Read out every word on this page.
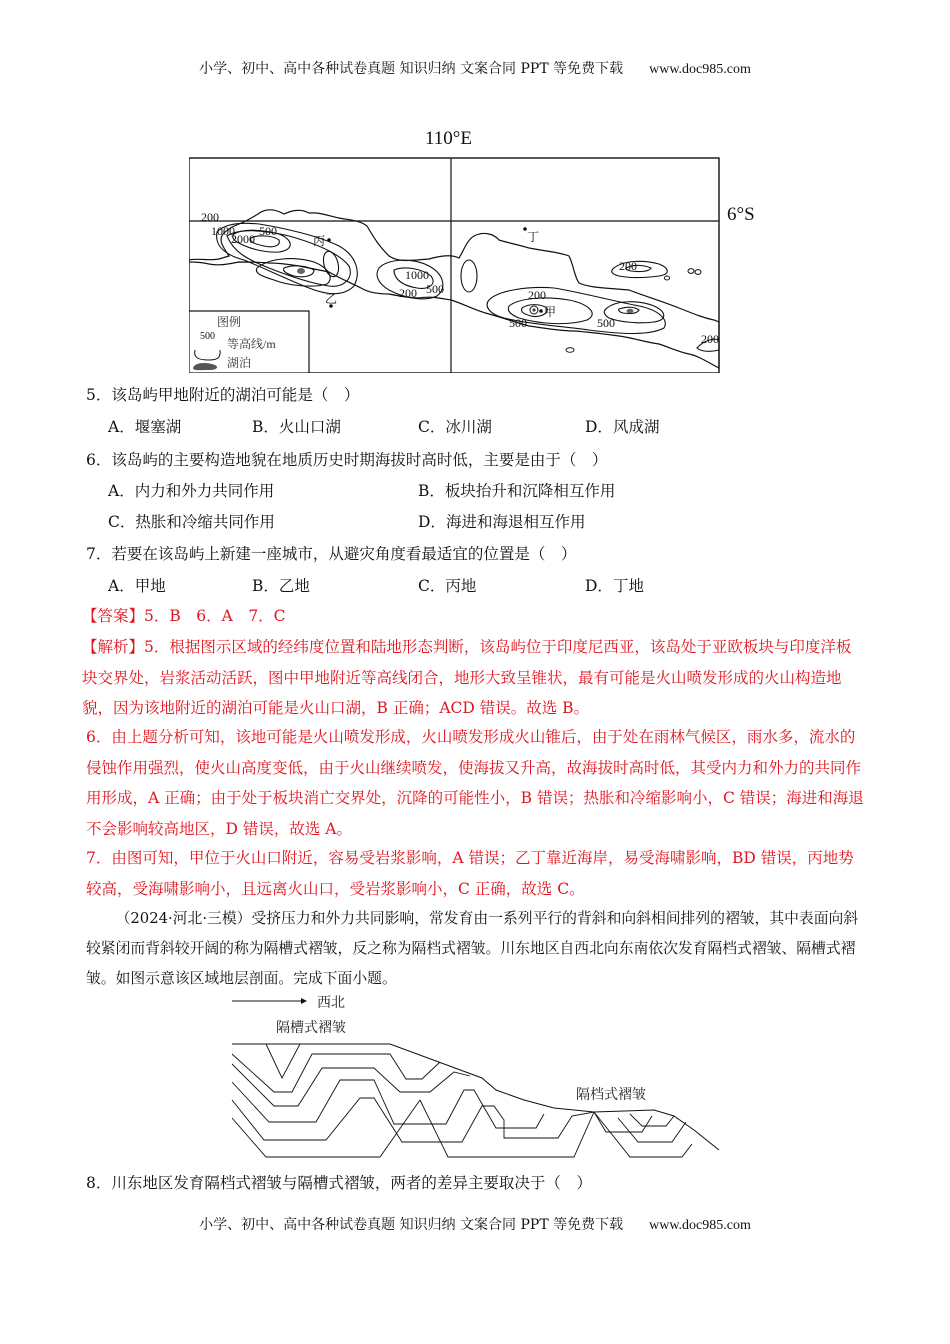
小学、初中、高中各种试卷真题 知识归纳 文案合同 PPT 等免费下载 www.doc985.com
110°E
6°S
200
1000
2000
500
1000
200 500	200
200
500	500
200
丙
乙
丁
甲
图例
500
等高线/m
湖泊
5．该岛屿甲地附近的湖泊可能是（　）
A．堰塞湖	B．火山口湖	C．冰川湖	D．风成湖
6．该岛屿的主要构造地貌在地质历史时期海拔时高时低，主要是由于（　）
A．内力和外力共同作用	B．板块抬升和沉降相互作用
C．热胀和冷缩共同作用	D．海进和海退相互作用
7．若要在该岛屿上新建一座城市，从避灾角度看最适宜的位置是（　）
A．甲地	B．乙地	C．丙地	D．丁地
【答案】5．B　6．A　7．C
【解析】5．根据图示区域的经纬度位置和陆地形态判断，该岛屿位于印度尼西亚，该岛处于亚欧板块与印度洋板块交界处，岩浆活动活跃，图中甲地附近等高线闭合，地形大致呈锥状，最有可能是火山喷发形成的火山构造地貌，因为该地附近的湖泊可能是火山口湖，B 正确；ACD 错误。故选 B。
6．由上题分析可知，该地可能是火山喷发形成，火山喷发形成火山锥后，由于处在雨林气候区，雨水多，流水的侵蚀作用强烈，使火山高度变低，由于火山继续喷发，使海拔又升高，故海拔时高时低，其受内力和外力的共同作用形成，A 正确；由于处于板块消亡交界处，沉降的可能性小，B 错误；热胀和冷缩影响小，C 错误；海进和海退不会影响较高地区，D 错误，故选 A。
7．由图可知，甲位于火山口附近，容易受岩浆影响，A 错误；乙丁靠近海岸，易受海啸影响，BD 错误，丙地势较高，受海啸影响小，且远离火山口，受岩浆影响小，C 正确，故选 C。
（2024·河北·三模）受挤压力和外力共同影响，常发育由一系列平行的背斜和向斜相间排列的褶皱，其中表面向斜较紧闭而背斜较开阔的称为隔槽式褶皱，反之称为隔档式褶皱。川东地区自西北向东南依次发育隔档式褶皱、隔槽式褶皱。如图示意该区域地层剖面。完成下面小题。
西北
隔槽式褶皱
隔档式褶皱
8．川东地区发育隔档式褶皱与隔槽式褶皱，两者的差异主要取决于（　）
小学、初中、高中各种试卷真题 知识归纳 文案合同 PPT 等免费下载 www.doc985.com
